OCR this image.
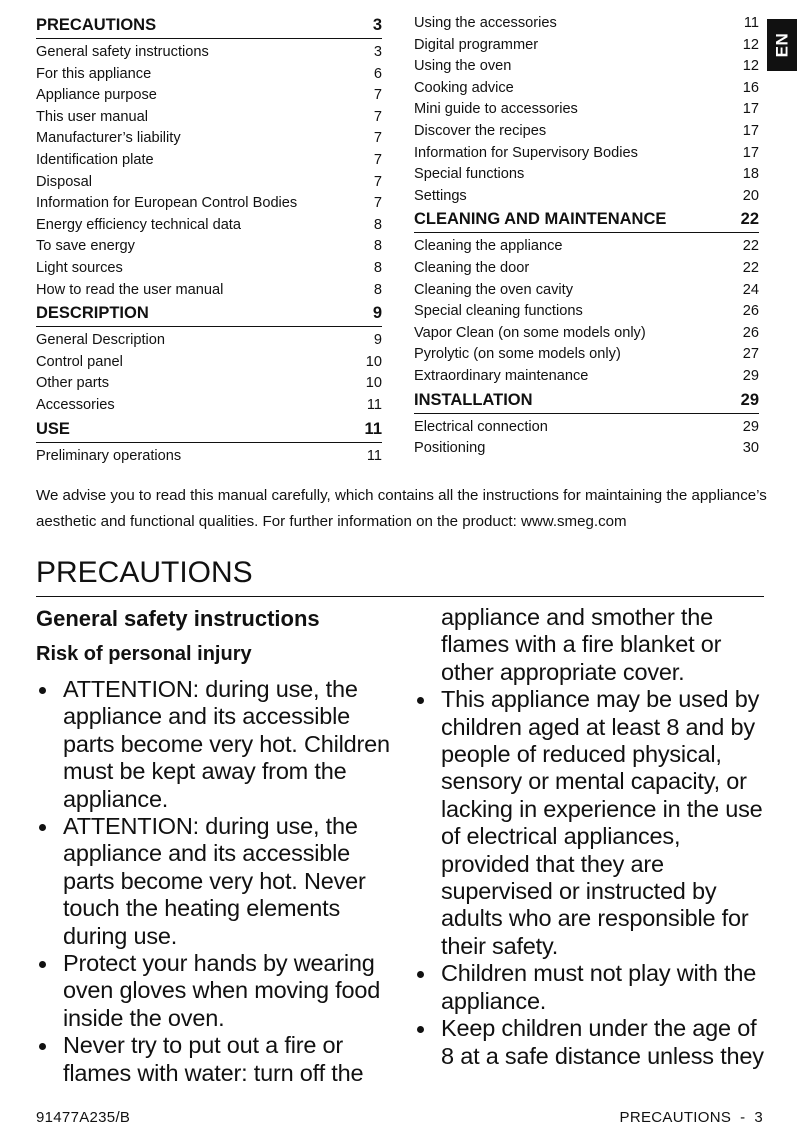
PRECAUTIONS	3
General safety instructions	3
For this appliance	6
Appliance purpose	7
This user manual	7
Manufacturer’s liability	7
Identification plate	7
Disposal	7
Information for European Control Bodies	7
Energy efficiency technical data	8
To save energy	8
Light sources	8
How to read the user manual	8
DESCRIPTION	9
General Description	9
Control panel	10
Other parts	10
Accessories	11
USE	11
Preliminary operations	11
Using the accessories	11
Digital programmer	12
Using the oven	12
Cooking advice	16
Mini guide to accessories	17
Discover the recipes	17
Information for Supervisory Bodies	17
Special functions	18
Settings	20
CLEANING AND MAINTENANCE	22
Cleaning the appliance	22
Cleaning the door	22
Cleaning the oven cavity	24
Special cleaning functions	26
Vapor Clean (on some models only)	26
Pyrolytic (on some models only)	27
Extraordinary maintenance	29
INSTALLATION	29
Electrical connection	29
Positioning	30
EN
We advise you to read this manual carefully, which contains all the instructions for maintaining the appliance’s aesthetic and functional qualities. For further information on the product: www.smeg.com
PRECAUTIONS
General safety instructions
Risk of personal injury

ATTENTION: during use, the appliance and its accessible parts become very hot. Children must be kept away from the appliance.

ATTENTION: during use, the appliance and its accessible parts become very hot. Never touch the heating elements during use.

Protect your hands by wearing oven gloves when moving food inside the oven.

Never try to put out a fire or flames with water: turn off the

appliance and smother the flames with a fire blanket or other appropriate cover.

This appliance may be used by children aged at least 8 and by people of reduced physical, sensory or mental capacity, or lacking in experience in the use of electrical appliances, provided that they are supervised or instructed by adults who are responsible for their safety.

Children must not play with the appliance.

Keep children under the age of 8 at a safe distance unless they

91477A235/B	PRECAUTIONS  -  3
